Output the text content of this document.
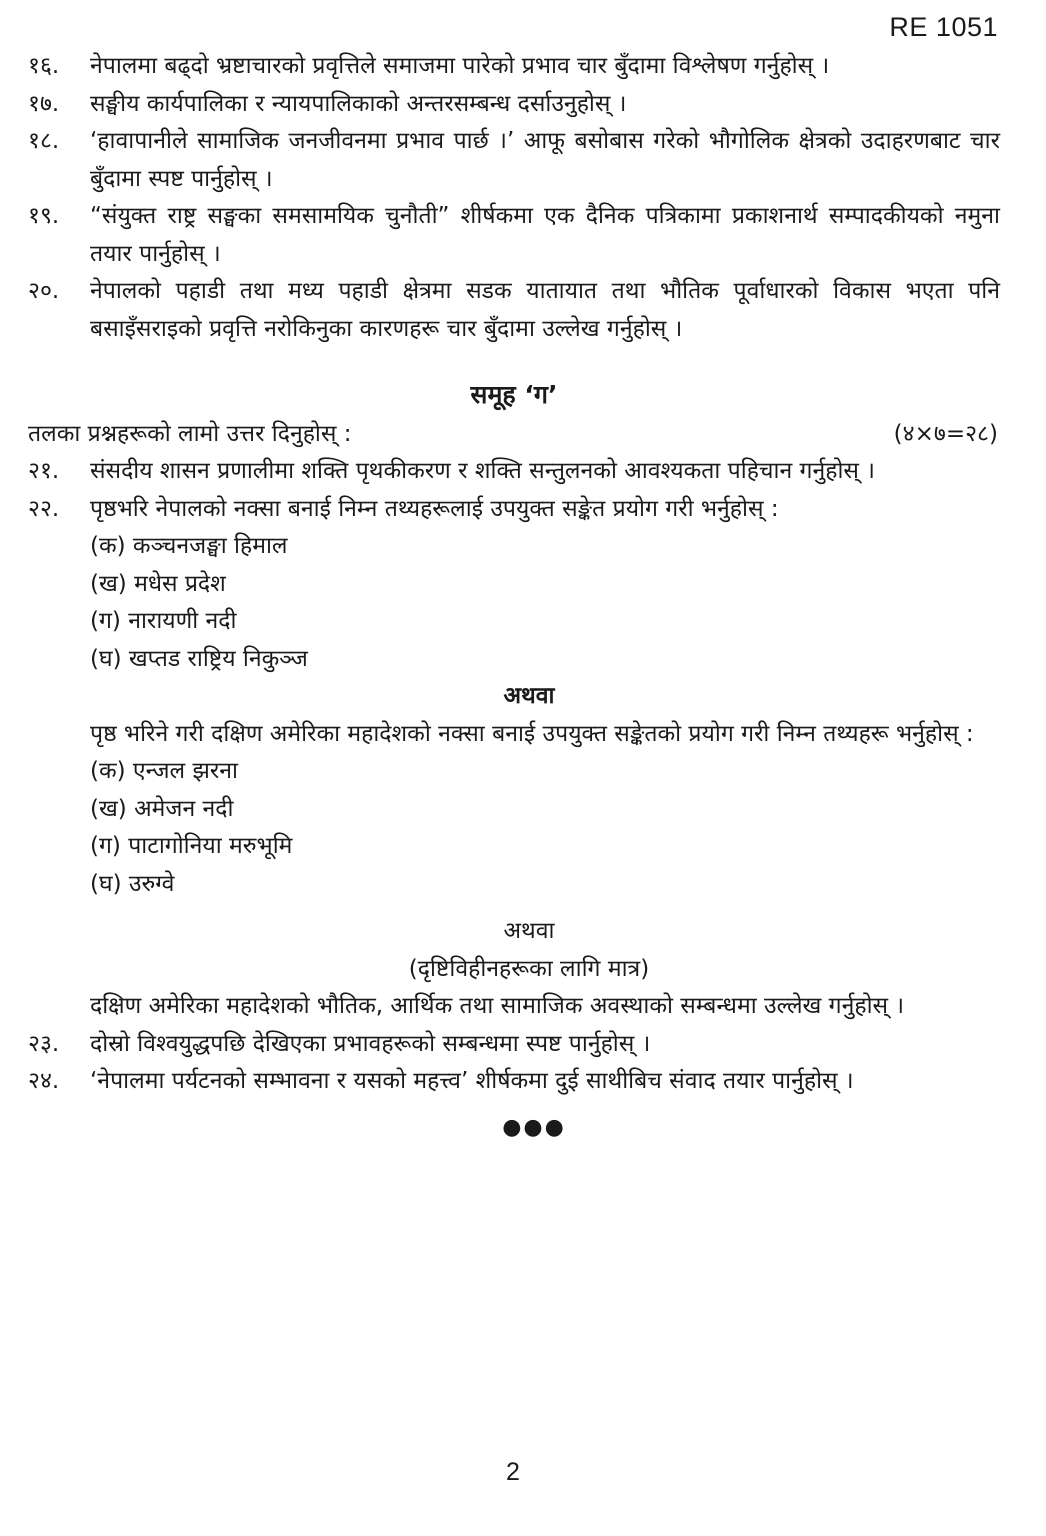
RE 1051
१६. नेपालमा बढ्दो भ्रष्टाचारको प्रवृत्तिले समाजमा पारेको प्रभाव चार बुँदामा विश्लेषण गर्नुहोस् ।
१७. सङ्घीय कार्यपालिका र न्यायपालिकाको अन्तरसम्बन्ध दर्साउनुहोस् ।
१८. ‘हावापानीले सामाजिक जनजीवनमा प्रभाव पार्छ ।’ आफू बसोबास गरेको भौगोलिक क्षेत्रको उदाहरणबाट चार बुँदामा स्पष्ट पार्नुहोस् ।
१९. “संयुक्त राष्ट्र सङ्घका समसामयिक चुनौती” शीर्षकमा एक दैनिक पत्रिकामा प्रकाशनार्थ सम्पादकीयको नमुना तयार पार्नुहोस् ।
२०. नेपालको पहाडी तथा मध्य पहाडी क्षेत्रमा सडक यातायात तथा भौतिक पूर्वाधारको विकास भएता पनि बसाइँसराइको प्रवृत्ति नरोकिनुका कारणहरू चार बुँदामा उल्लेख गर्नुहोस् ।
समूह ‘ग’
तलका प्रश्नहरूको लामो उत्तर दिनुहोस् :	(४×७=२८)
२१. संसदीय शासन प्रणालीमा शक्ति पृथकीकरण र शक्ति सन्तुलनको आवश्यकता पहिचान गर्नुहोस् ।
२२. पृष्ठभरि नेपालको नक्सा बनाई निम्न तथ्यहरूलाई उपयुक्त सङ्केत प्रयोग गरी भर्नुहोस् :
(क) कञ्चनजङ्घा हिमाल
(ख) मधेस प्रदेश
(ग) नारायणी नदी
(घ) खप्तड राष्ट्रिय निकुञ्ज
अथवा
पृष्ठ भरिने गरी दक्षिण अमेरिका महादेशको नक्सा बनाई उपयुक्त सङ्केतको प्रयोग गरी निम्न तथ्यहरू भर्नुहोस् :
(क) एन्जल झरना
(ख) अमेजन नदी
(ग) पाटागोनिया मरुभूमि
(घ) उरुग्वे
अथवा
(दृष्टिविहीनहरूका लागि मात्र)
दक्षिण अमेरिका महादेशको भौतिक, आर्थिक तथा सामाजिक अवस्थाको सम्बन्धमा उल्लेख गर्नुहोस् ।
२३. दोस्रो विश्वयुद्धपछि देखिएका प्रभावहरूको सम्बन्धमा स्पष्ट पार्नुहोस् ।
२४. ‘नेपालमा पर्यटनको सम्भावना र यसको महत्त्व’ शीर्षकमा दुई साथीबिच संवाद तयार पार्नुहोस् ।
●●●
2
